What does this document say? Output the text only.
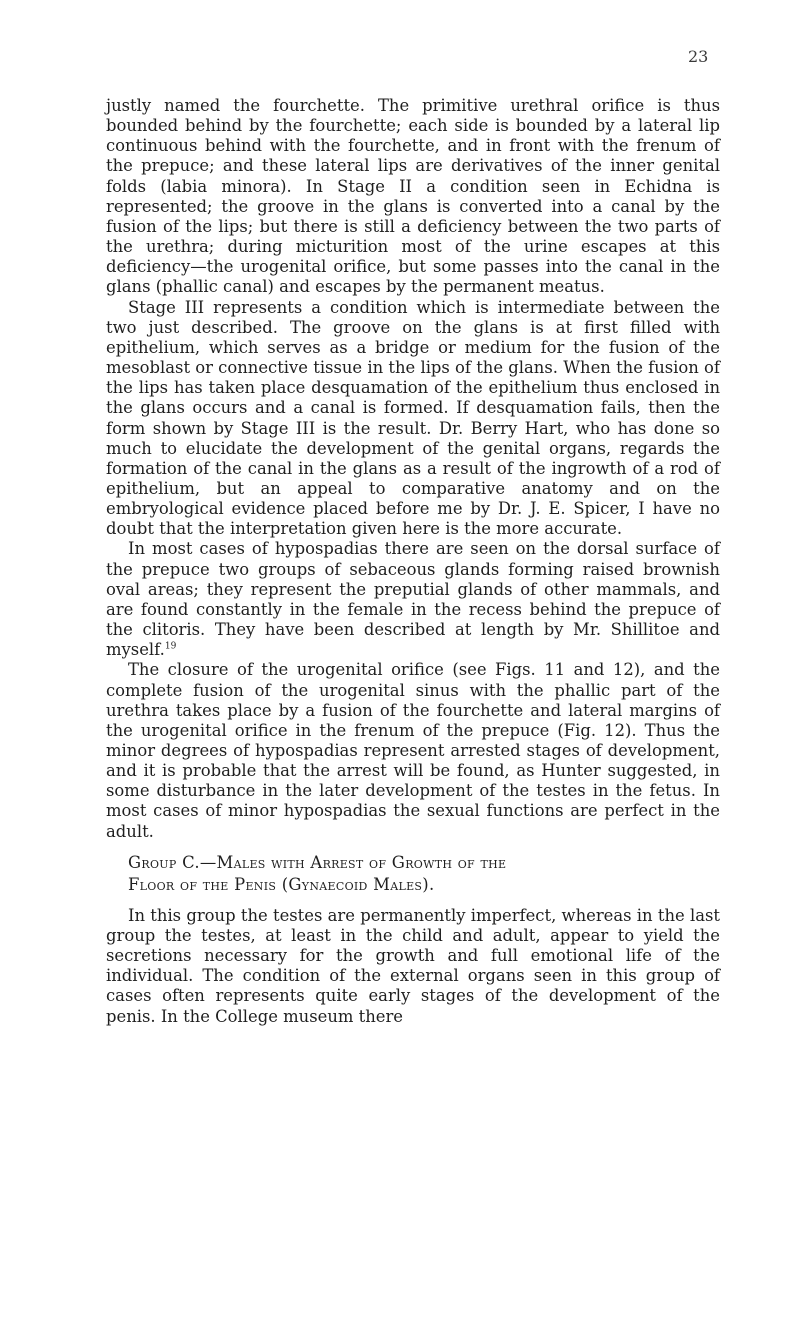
23

justly named the fourchette. The primitive urethral orifice is thus bounded behind by the fourchette; each side is bounded by a lateral lip continuous behind with the fourchette, and in front with the frenum of the prepuce; and these lateral lips are derivatives of the inner genital folds (labia minora). In Stage II a condition seen in Echidna is represented; the groove in the glans is converted into a canal by the fusion of the lips; but there is still a deficiency between the two parts of the urethra; during micturition most of the urine escapes at this deficiency—the urogenital orifice, but some passes into the canal in the glans (phallic canal) and escapes by the permanent meatus.

Stage III represents a condition which is intermediate between the two just described. The groove on the glans is at first filled with epithelium, which serves as a bridge or medium for the fusion of the mesoblast or connective tissue in the lips of the glans. When the fusion of the lips has taken place desquamation of the epithelium thus enclosed in the glans occurs and a canal is formed. If desquamation fails, then the form shown by Stage III is the result. Dr. Berry Hart, who has done so much to elucidate the development of the genital organs, regards the formation of the canal in the glans as a result of the ingrowth of a rod of epithelium, but an appeal to comparative anatomy and on the embryological evidence placed before me by Dr. J. E. Spicer, I have no doubt that the interpretation given here is the more accurate.

In most cases of hypospadias there are seen on the dorsal surface of the prepuce two groups of sebaceous glands forming raised brownish oval areas; they represent the preputial glands of other mammals, and are found constantly in the female in the recess behind the prepuce of the clitoris. They have been described at length by Mr. Shillitoe and myself.$^{19}$

The closure of the urogenital orifice (see Figs. 11 and 12), and the complete fusion of the urogenital sinus with the phallic part of the urethra takes place by a fusion of the fourchette and lateral margins of the urogenital orifice in the frenum of the prepuce (Fig. 12). Thus the minor degrees of hypospadias represent arrested stages of development, and it is probable that the arrest will be found, as Hunter suggested, in some disturbance in the later development of the testes in the fetus. In most cases of minor hypospadias the sexual functions are perfect in the adult.

Group C.—Males with Arrest of Growth of the
Floor of the Penis (Gynaecoid Males).

In this group the testes are permanently imperfect, whereas in the last group the testes, at least in the child and adult, appear to yield the secretions necessary for the growth and full emotional life of the individual. The condition of the external organs seen in this group of cases often represents quite early stages of the development of the penis. In the College museum there
